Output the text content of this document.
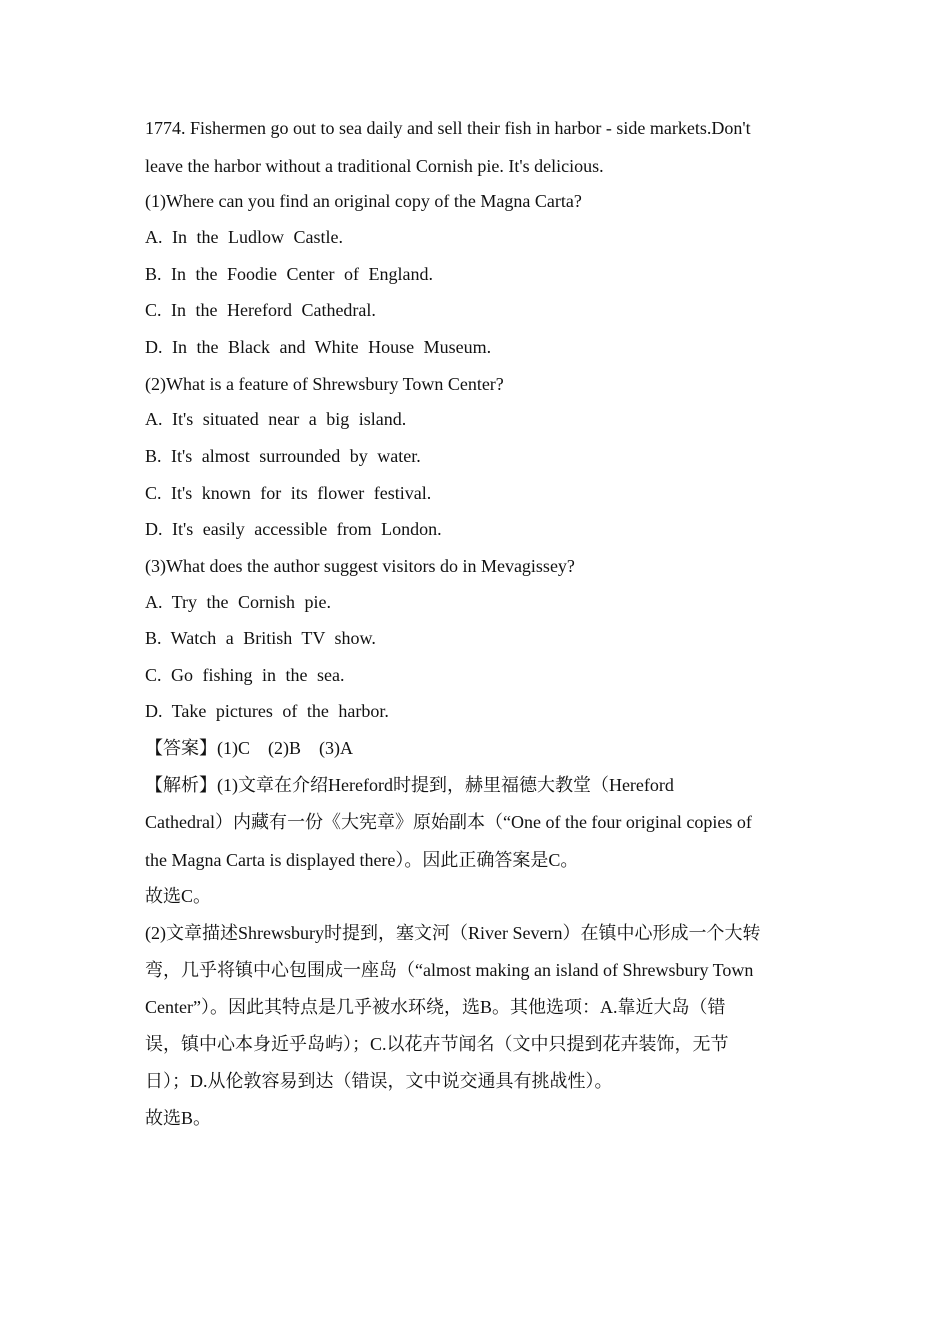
1774. Fishermen go out to sea daily and sell their fish in harbor - side markets.Don't
leave the harbor without a traditional Cornish pie. It's delicious.
(1)Where can you find an original copy of the Magna Carta?
A. In the Ludlow Castle.
B. In the Foodie Center of England.
C. In the Hereford Cathedral.
D. In the Black and White House Museum.
(2)What is a feature of Shrewsbury Town Center?
A. It's situated near a big island.
B. It's almost surrounded by water.
C. It's known for its flower festival.
D. It's easily accessible from London.
(3)What does the author suggest visitors do in Mevagissey?
A. Try the Cornish pie.
B. Watch a British TV show.
C. Go fishing in the sea.
D. Take pictures of the harbor.
【答案】(1)C    (2)B    (3)A
【解析】(1)文章在介绍Hereford时提到，赫里福德大教堂（Hereford
Cathedral）内藏有一份《大宪章》原始副本（“One of the four original copies of
the Magna Carta is displayed there）。因此正确答案是C。
故选C。
(2)文章描述Shrewsbury时提到，塞文河（River Severn）在镇中心形成一个大转
弯，几乎将镇中心包围成一座岛（“almost making an island of Shrewsbury Town
Center”）。因此其特点是几乎被水环绕，选B。其他选项：A.靠近大岛（错
误，镇中心本身近乎岛屿）；C.以花卉节闻名（文中只提到花卉装饰，无节
日）；D.从伦敦容易到达（错误，文中说交通具有挑战性）。
故选B。
